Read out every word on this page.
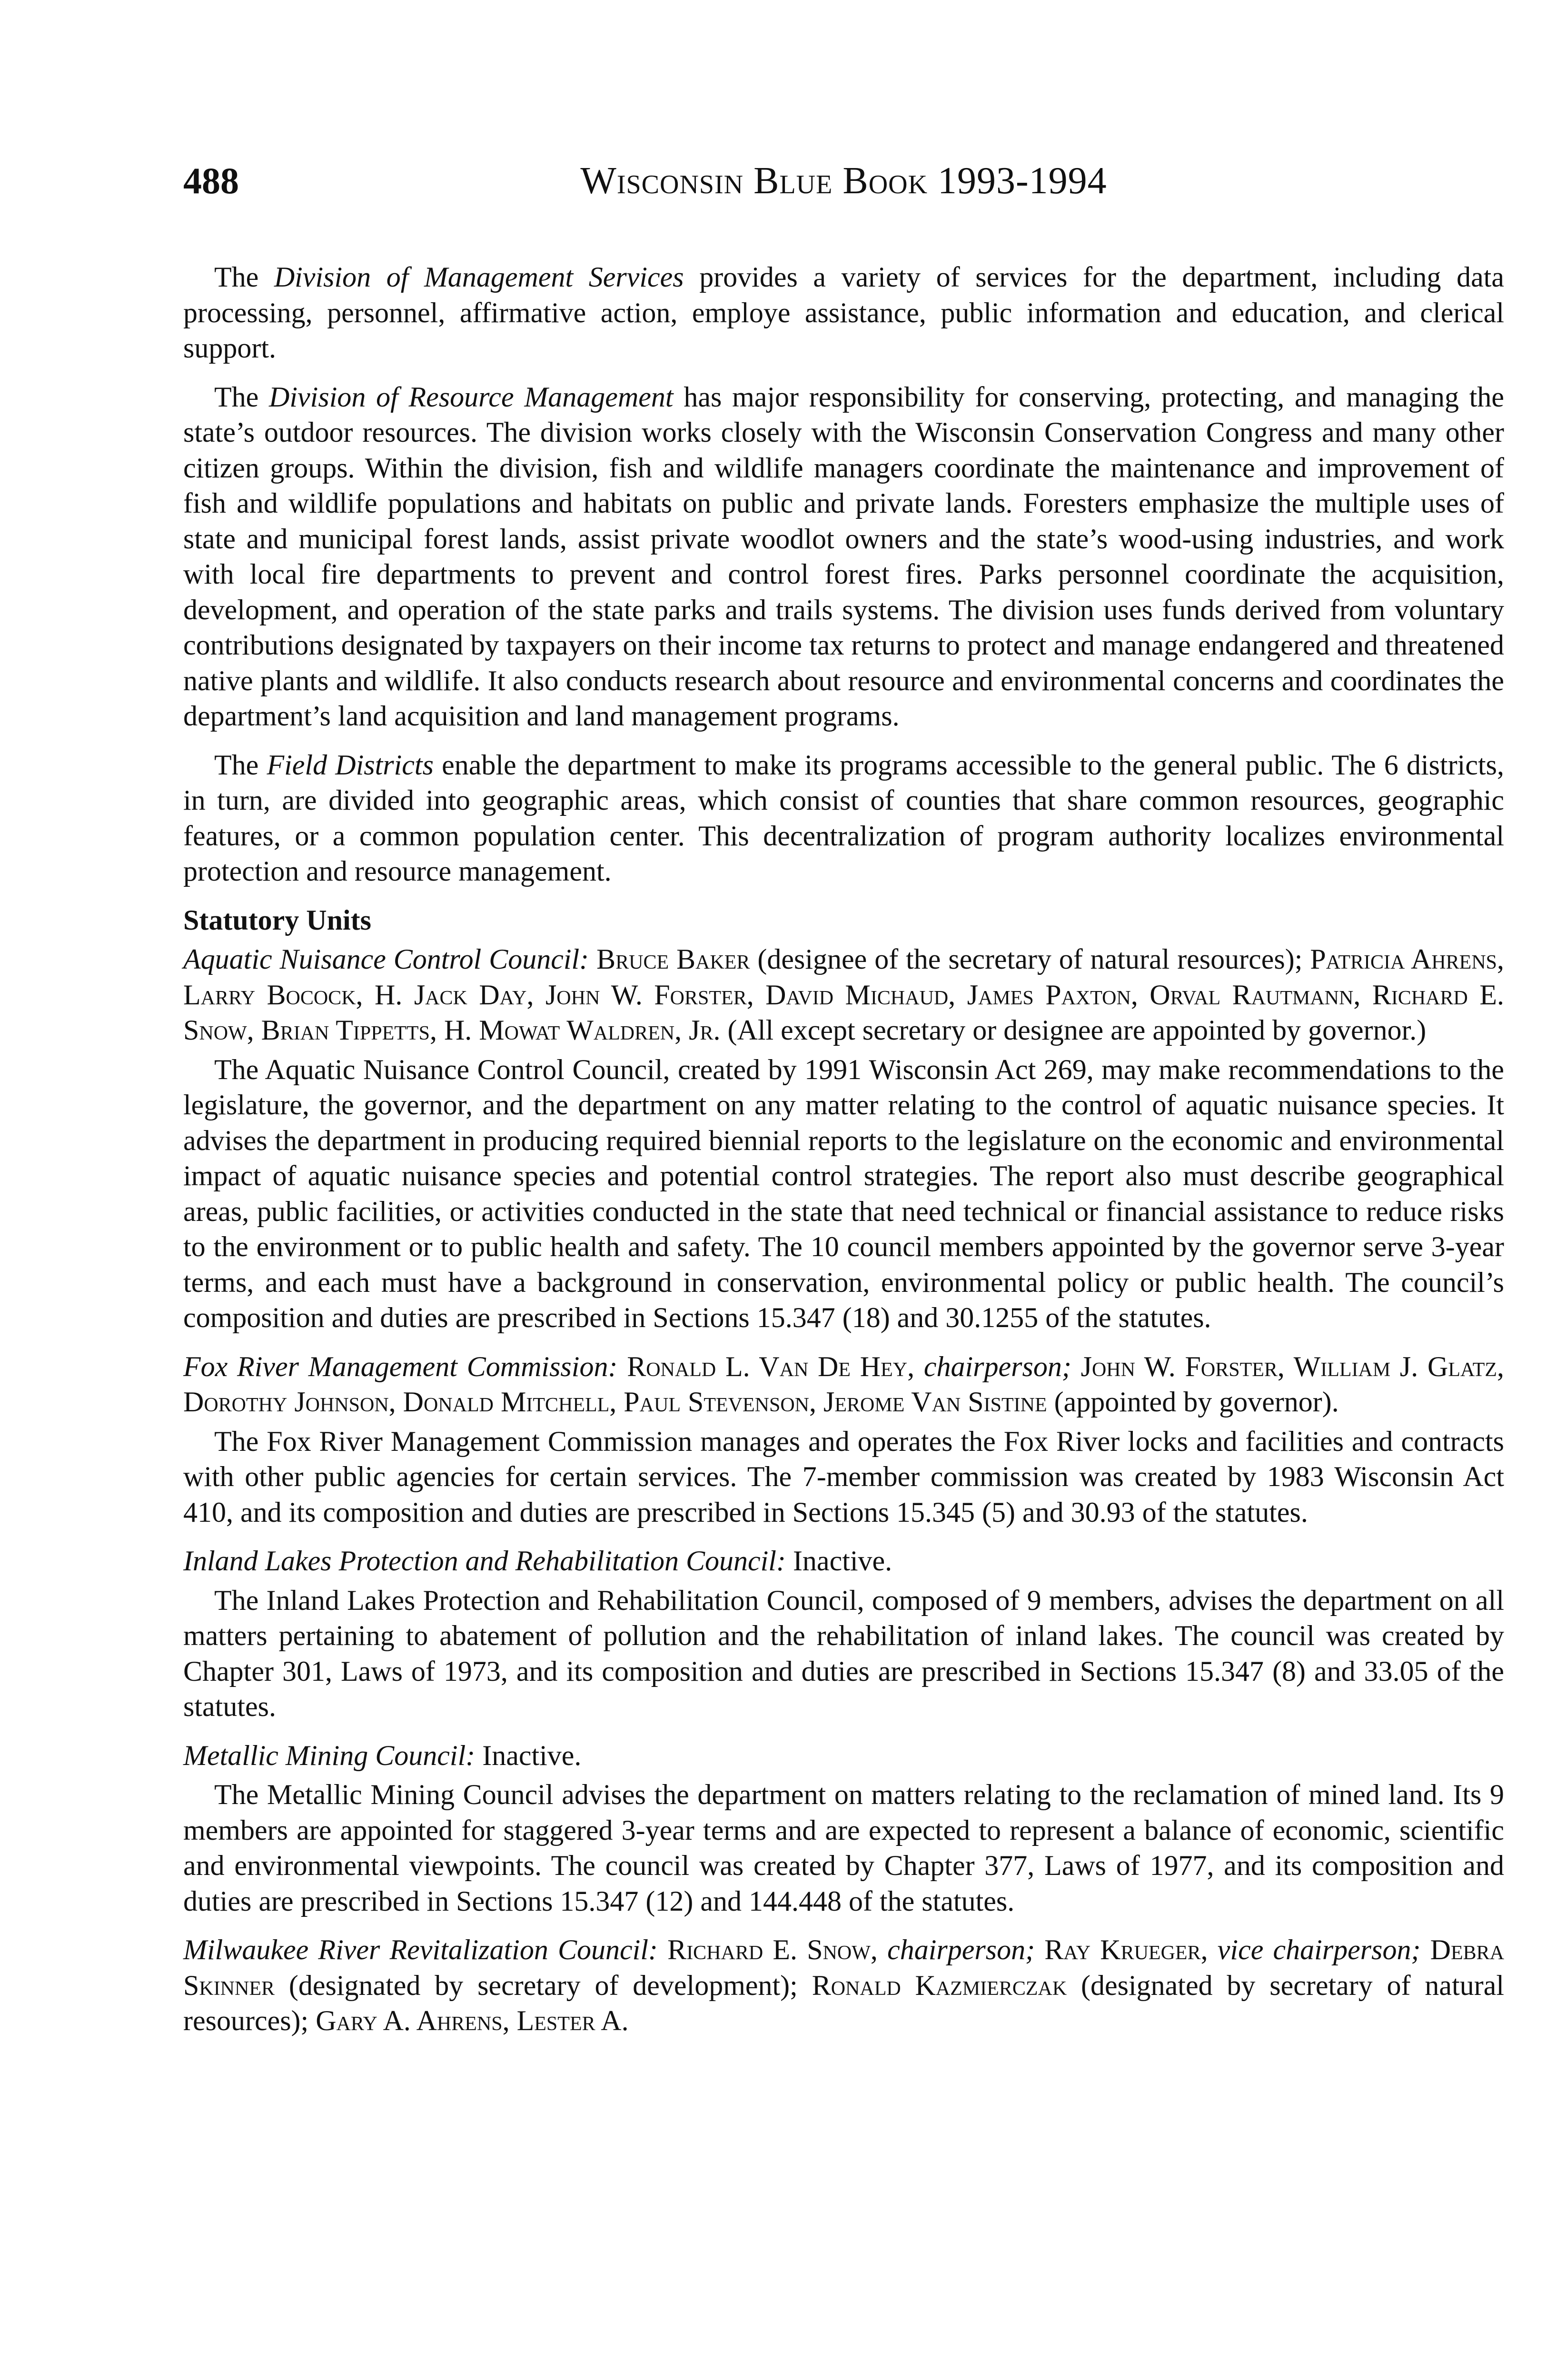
488	Wisconsin Blue Book 1993-1994

The Division of Management Services provides a variety of services for the department, including data processing, personnel, affirmative action, employe assistance, public information and education, and clerical support.

The Division of Resource Management has major responsibility for conserving, protecting, and managing the state’s outdoor resources. The division works closely with the Wisconsin Conservation Congress and many other citizen groups. Within the division, fish and wildlife managers coordinate the maintenance and improvement of fish and wildlife populations and habitats on public and private lands. Foresters emphasize the multiple uses of state and municipal forest lands, assist private woodlot owners and the state’s wood-using industries, and work with local fire departments to prevent and control forest fires. Parks personnel coordinate the acquisition, development, and operation of the state parks and trails systems. The division uses funds derived from voluntary contributions designated by taxpayers on their income tax returns to protect and manage endangered and threatened native plants and wildlife. It also conducts research about resource and environmental concerns and coordinates the department’s land acquisition and land management programs.

The Field Districts enable the department to make its programs accessible to the general public. The 6 districts, in turn, are divided into geographic areas, which consist of counties that share common resources, geographic features, or a common population center. This decentralization of program authority localizes environmental protection and resource management.

Statutory Units

Aquatic Nuisance Control Council: Bruce Baker (designee of the secretary of natural resources); Patricia Ahrens, Larry Bocock, H. Jack Day, John W. Forster, David Michaud, James Paxton, Orval Rautmann, Richard E. Snow, Brian Tippetts, H. Mowat Waldren, Jr. (All except secretary or designee are appointed by governor.)

The Aquatic Nuisance Control Council, created by 1991 Wisconsin Act 269, may make recommendations to the legislature, the governor, and the department on any matter relating to the control of aquatic nuisance species. It advises the department in producing required biennial reports to the legislature on the economic and environmental impact of aquatic nuisance species and potential control strategies. The report also must describe geographical areas, public facilities, or activities conducted in the state that need technical or financial assistance to reduce risks to the environment or to public health and safety. The 10 council members appointed by the governor serve 3-year terms, and each must have a background in conservation, environmental policy or public health. The council’s composition and duties are prescribed in Sections 15.347 (18) and 30.1255 of the statutes.

Fox River Management Commission: Ronald L. Van De Hey, chairperson; John W. Forster, William J. Glatz, Dorothy Johnson, Donald Mitchell, Paul Stevenson, Jerome Van Sistine (appointed by governor).

The Fox River Management Commission manages and operates the Fox River locks and facilities and contracts with other public agencies for certain services. The 7-member commission was created by 1983 Wisconsin Act 410, and its composition and duties are prescribed in Sections 15.345 (5) and 30.93 of the statutes.

Inland Lakes Protection and Rehabilitation Council: Inactive.

The Inland Lakes Protection and Rehabilitation Council, composed of 9 members, advises the department on all matters pertaining to abatement of pollution and the rehabilitation of inland lakes. The council was created by Chapter 301, Laws of 1973, and its composition and duties are prescribed in Sections 15.347 (8) and 33.05 of the statutes.

Metallic Mining Council: Inactive.

The Metallic Mining Council advises the department on matters relating to the reclamation of mined land. Its 9 members are appointed for staggered 3-year terms and are expected to represent a balance of economic, scientific and environmental viewpoints. The council was created by Chapter 377, Laws of 1977, and its composition and duties are prescribed in Sections 15.347 (12) and 144.448 of the statutes.

Milwaukee River Revitalization Council: Richard E. Snow, chairperson; Ray Krueger, vice chairperson; Debra Skinner (designated by secretary of development); Ronald Kazmierczak (designated by secretary of natural resources); Gary A. Ahrens, Lester A.
